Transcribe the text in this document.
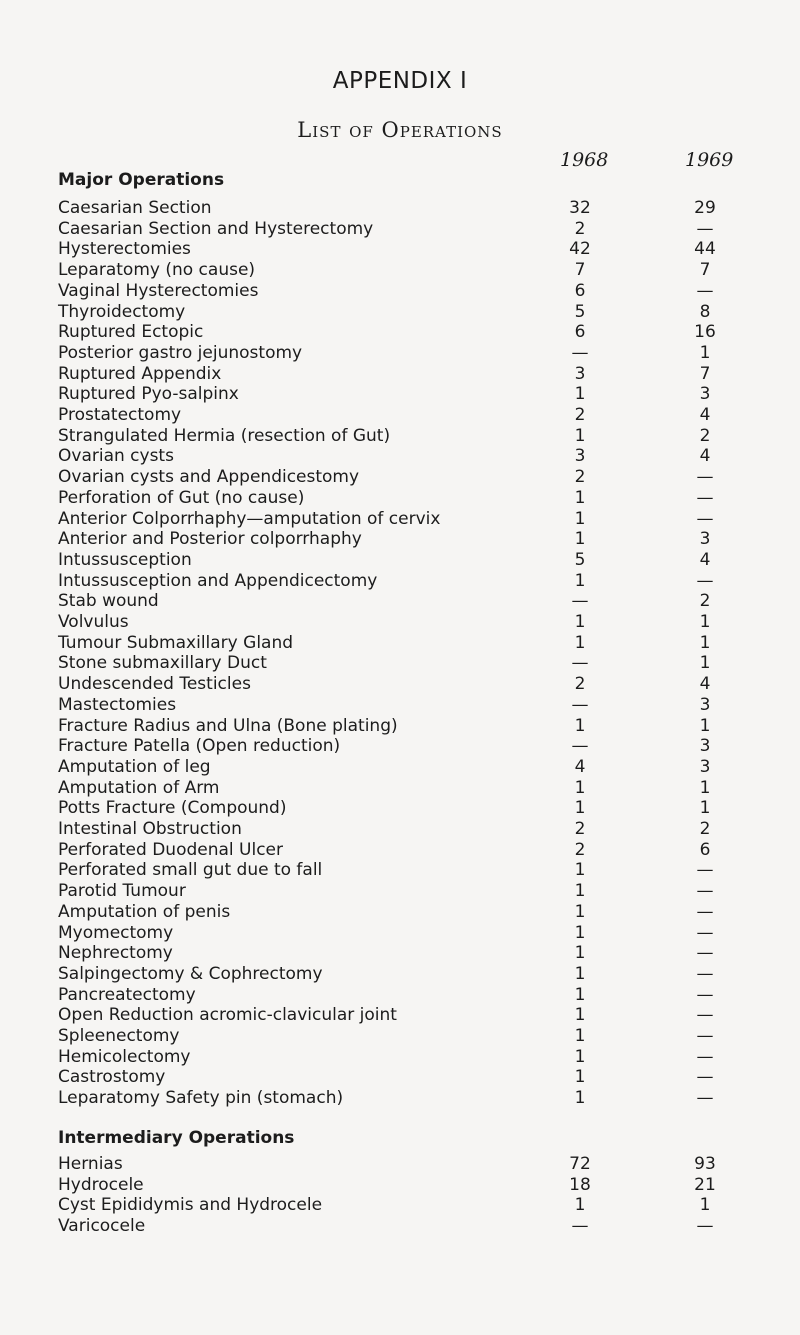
APPENDIX I
List of Operations
1968	1969
Major Operations
Caesarian Section	32	29
Caesarian Section and Hysterectomy	2	—
Hysterectomies	42	44
Leparatomy (no cause)	7	7
Vaginal Hysterectomies	6	—
Thyroidectomy	5	8
Ruptured Ectopic	6	16
Posterior gastro jejunostomy	—	1
Ruptured Appendix	3	7
Ruptured Pyo-salpinx	1	3
Prostatectomy	2	4
Strangulated Hermia (resection of Gut)	1	2
Ovarian cysts	3	4
Ovarian cysts and Appendicestomy	2	—
Perforation of Gut (no cause)	1	—
Anterior Colporrhaphy—amputation of cervix	1	—
Anterior and Posterior colporrhaphy	1	3
Intussusception	5	4
Intussusception and Appendicectomy	1	—
Stab wound	—	2
Volvulus	1	1
Tumour Submaxillary Gland	1	1
Stone submaxillary Duct	—	1
Undescended Testicles	2	4
Mastectomies	—	3
Fracture Radius and Ulna (Bone plating)	1	1
Fracture Patella (Open reduction)	—	3
Amputation of leg	4	3
Amputation of Arm	1	1
Potts Fracture (Compound)	1	1
Intestinal Obstruction	2	2
Perforated Duodenal Ulcer	2	6
Perforated small gut due to fall	1	—
Parotid Tumour	1	—
Amputation of penis	1	—
Myomectomy	1	—
Nephrectomy	1	—
Salpingectomy & Cophrectomy	1	—
Pancreatectomy	1	—
Open Reduction acromic-clavicular joint	1	—
Spleenectomy	1	—
Hemicolectomy	1	—
Castrostomy	1	—
Leparatomy Safety pin (stomach)	1	—
Intermediary Operations
Hernias	72	93
Hydrocele	18	21
Cyst Epididymis and Hydrocele	1	1
Varicocele	—	—
